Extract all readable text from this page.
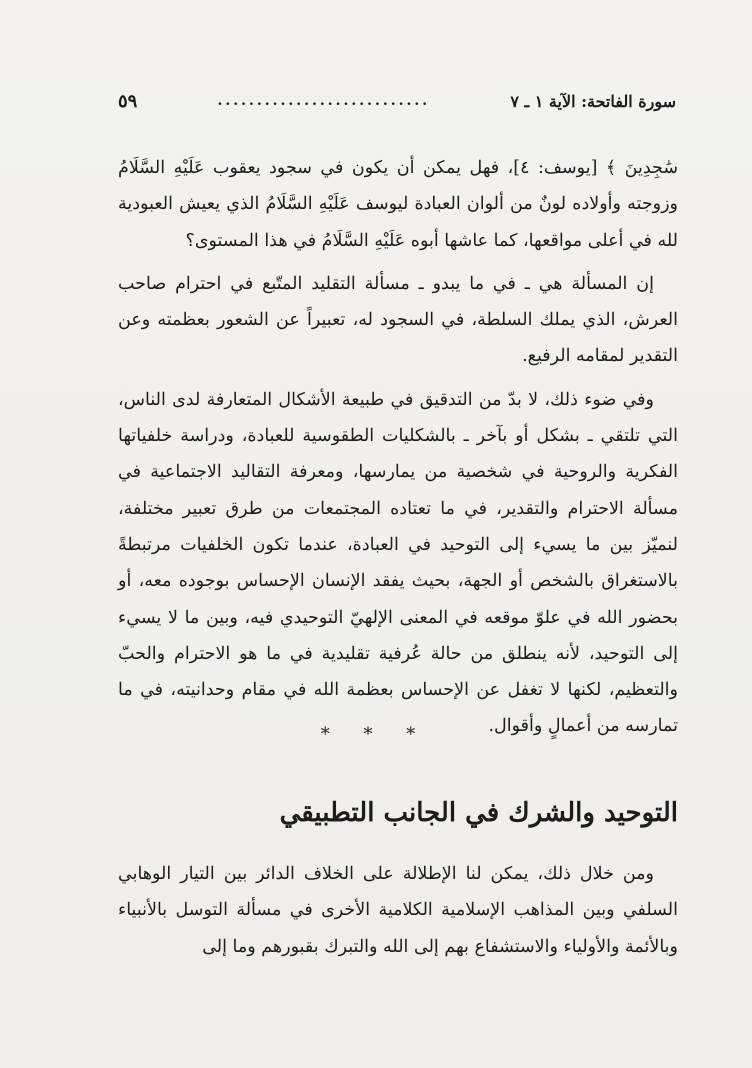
سورة الفاتحة: الآية ١ ـ ٧
...........................
٥٩

سَٰجِدِينَ ﴾ [يوسف: ٤]، فهل يمكن أن يكون في سجود يعقوب عَلَيْهِ السَّلَامُ وزوجته وأولاده لونٌ من ألوان العبادة ليوسف عَلَيْهِ السَّلَامُ الذي يعيش العبودية لله في أعلى مواقعها، كما عاشها أبوه عَلَيْهِ السَّلَامُ في هذا المستوى؟

إن المسألة هي ـ في ما يبدو ـ مسألة التقليد المتّبع في احترام صاحب العرش، الذي يملك السلطة، في السجود له، تعبيراً عن الشعور بعظمته وعن التقدير لمقامه الرفيع.

وفي ضوء ذلك، لا بدّ من التدقيق في طبيعة الأشكال المتعارفة لدى الناس، التي تلتقي ـ بشكل أو بآخر ـ بالشكليات الطقوسية للعبادة، ودراسة خلفياتها الفكرية والروحية في شخصية من يمارسها، ومعرفة التقاليد الاجتماعية في مسألة الاحترام والتقدير، في ما تعتاده المجتمعات من طرق تعبير مختلفة، لنميّز بين ما يسيء إلى التوحيد في العبادة، عندما تكون الخلفيات مرتبطةً بالاستغراق بالشخص أو الجهة، بحيث يفقد الإنسان الإحساس بوجوده معه، أو بحضور الله في علوّ موقعه في المعنى الإلهيّ التوحيدي فيه، وبين ما لا يسيء إلى التوحيد، لأنه ينطلق من حالة عُرفية تقليدية في ما هو الاحترام والحبّ والتعظيم، لكنها لا تغفل عن الإحساس بعظمة الله في مقام وحدانيته، في ما تمارسه من أعمالٍ وأقوال.

* * *
التوحيد والشرك في الجانب التطبيقي

ومن خلال ذلك، يمكن لنا الإطلالة على الخلاف الدائر بين التيار الوهابي السلفي وبين المذاهب الإسلامية الكلامية الأخرى في مسألة التوسل بالأنبياء وبالأئمة والأولياء والاستشفاع بهم إلى الله والتبرك بقبورهم وما إلى
